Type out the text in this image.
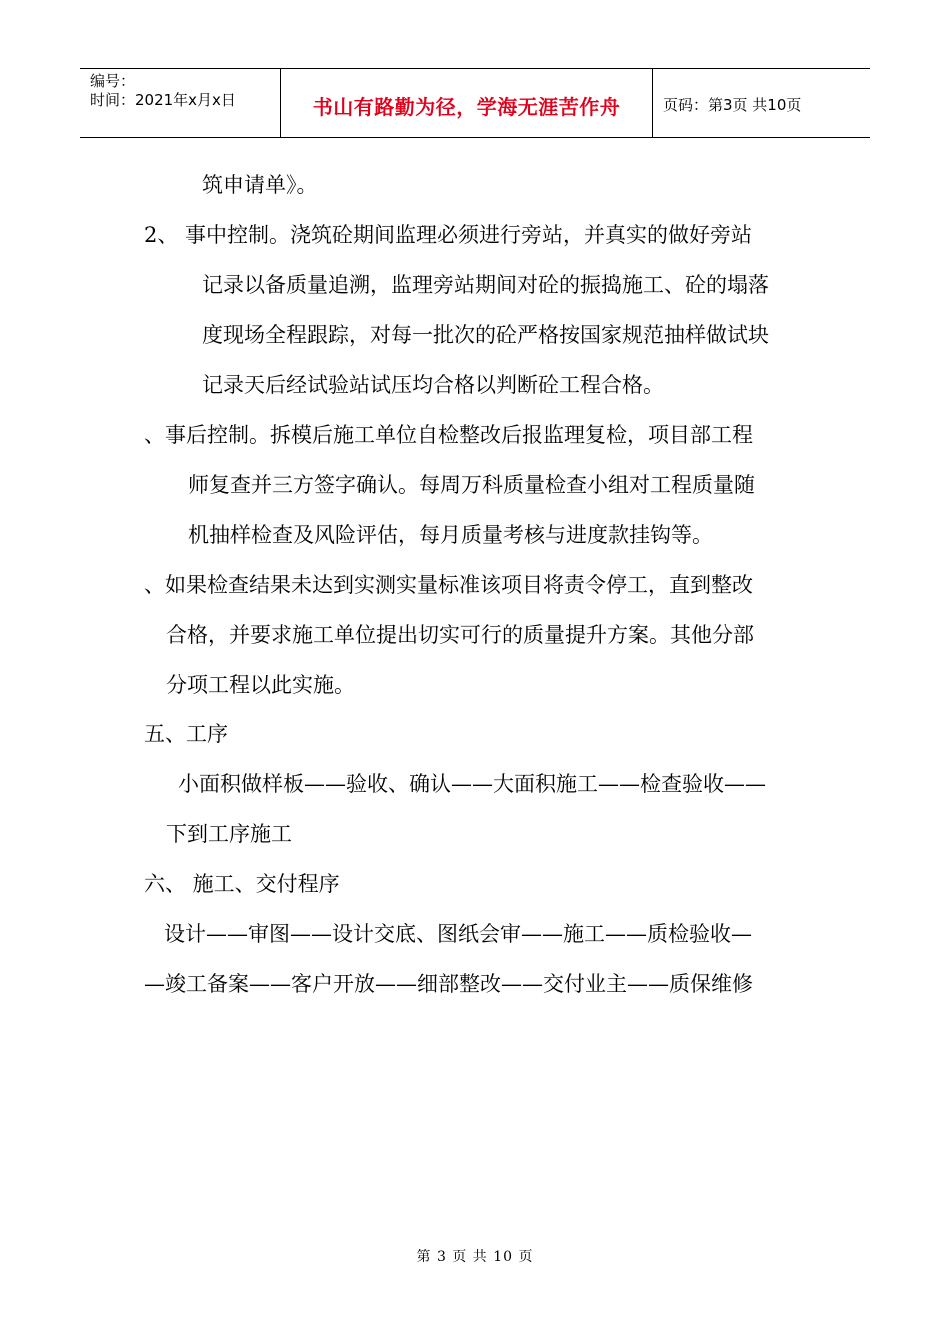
编号：
时间：2021年x月x日	书山有路勤为径，学海无涯苦作舟	页码：第3页 共10页
筑申请单》。
2、 事中控制。浇筑砼期间监理必须进行旁站，并真实的做好旁站
记录以备质量追溯，监理旁站期间对砼的振捣施工、砼的塌落
度现场全程跟踪，对每一批次的砼严格按国家规范抽样做试块
记录天后经试验站试压均合格以判断砼工程合格。
、事后控制。拆模后施工单位自检整改后报监理复检，项目部工程
师复查并三方签字确认。每周万科质量检查小组对工程质量随
机抽样检查及风险评估，每月质量考核与进度款挂钩等。
、如果检查结果未达到实测实量标准该项目将责令停工，直到整改
合格，并要求施工单位提出切实可行的质量提升方案。其他分部
分项工程以此实施。
五、工序
小面积做样板——验收、确认——大面积施工——检查验收——
下到工序施工
六、 施工、交付程序
设计——审图——设计交底、图纸会审——施工——质检验收—
—竣工备案——客户开放——细部整改——交付业主——质保维修
第 3 页 共 10 页
